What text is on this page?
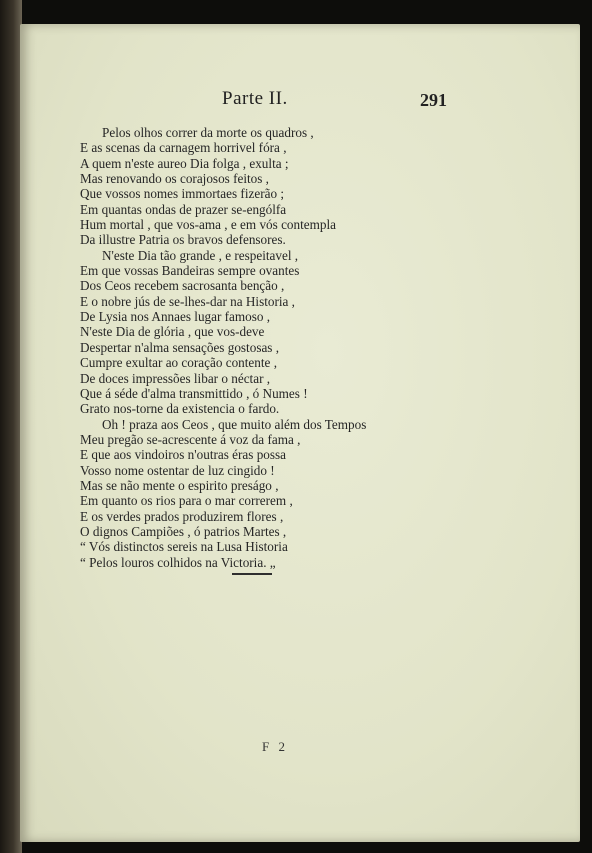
Parte II.	291
Pelos olhos correr da morte os quadros ,
E as scenas da carnagem horrivel fóra ,
A quem n'este aureo Dia folga , exulta ;
Mas renovando os corajosos feitos ,
Que vossos nomes immortaes fizerão ;
Em quantas ondas de prazer se-engólfa
Hum mortal , que vos-ama , e em vós contempla
Da illustre Patria os bravos defensores.
N'este Dia tão grande , e respeitavel ,
Em que vossas Bandeiras sempre ovantes
Dos Ceos recebem sacrosanta benção ,
E o nobre jús de se-lhes-dar na Historia ,
De Lysia nos Annaes lugar famoso ,
N'este Dia de glória , que vos-deve
Despertar n'alma sensações gostosas ,
Cumpre exultar ao coração contente ,
De doces impressões libar o néctar ,
Que á séde d'alma transmittido , ó Numes !
Grato nos-torne da existencia o fardo.
Oh ! praza aos Ceos , que muito além dos Tempos
Meu pregão se-acrescente á voz da fama ,
E que aos vindoiros n'outras éras possa
Vosso nome ostentar de luz cingido !
Mas se não mente o espirito preságo ,
Em quanto os rios para o mar correrem ,
E os verdes prados produzirem flores ,
O dignos Campiões , ó patrios Martes ,
“ Vós distinctos sereis na Lusa Historia
“ Pelos louros colhidos na Victoria. „
F 2
